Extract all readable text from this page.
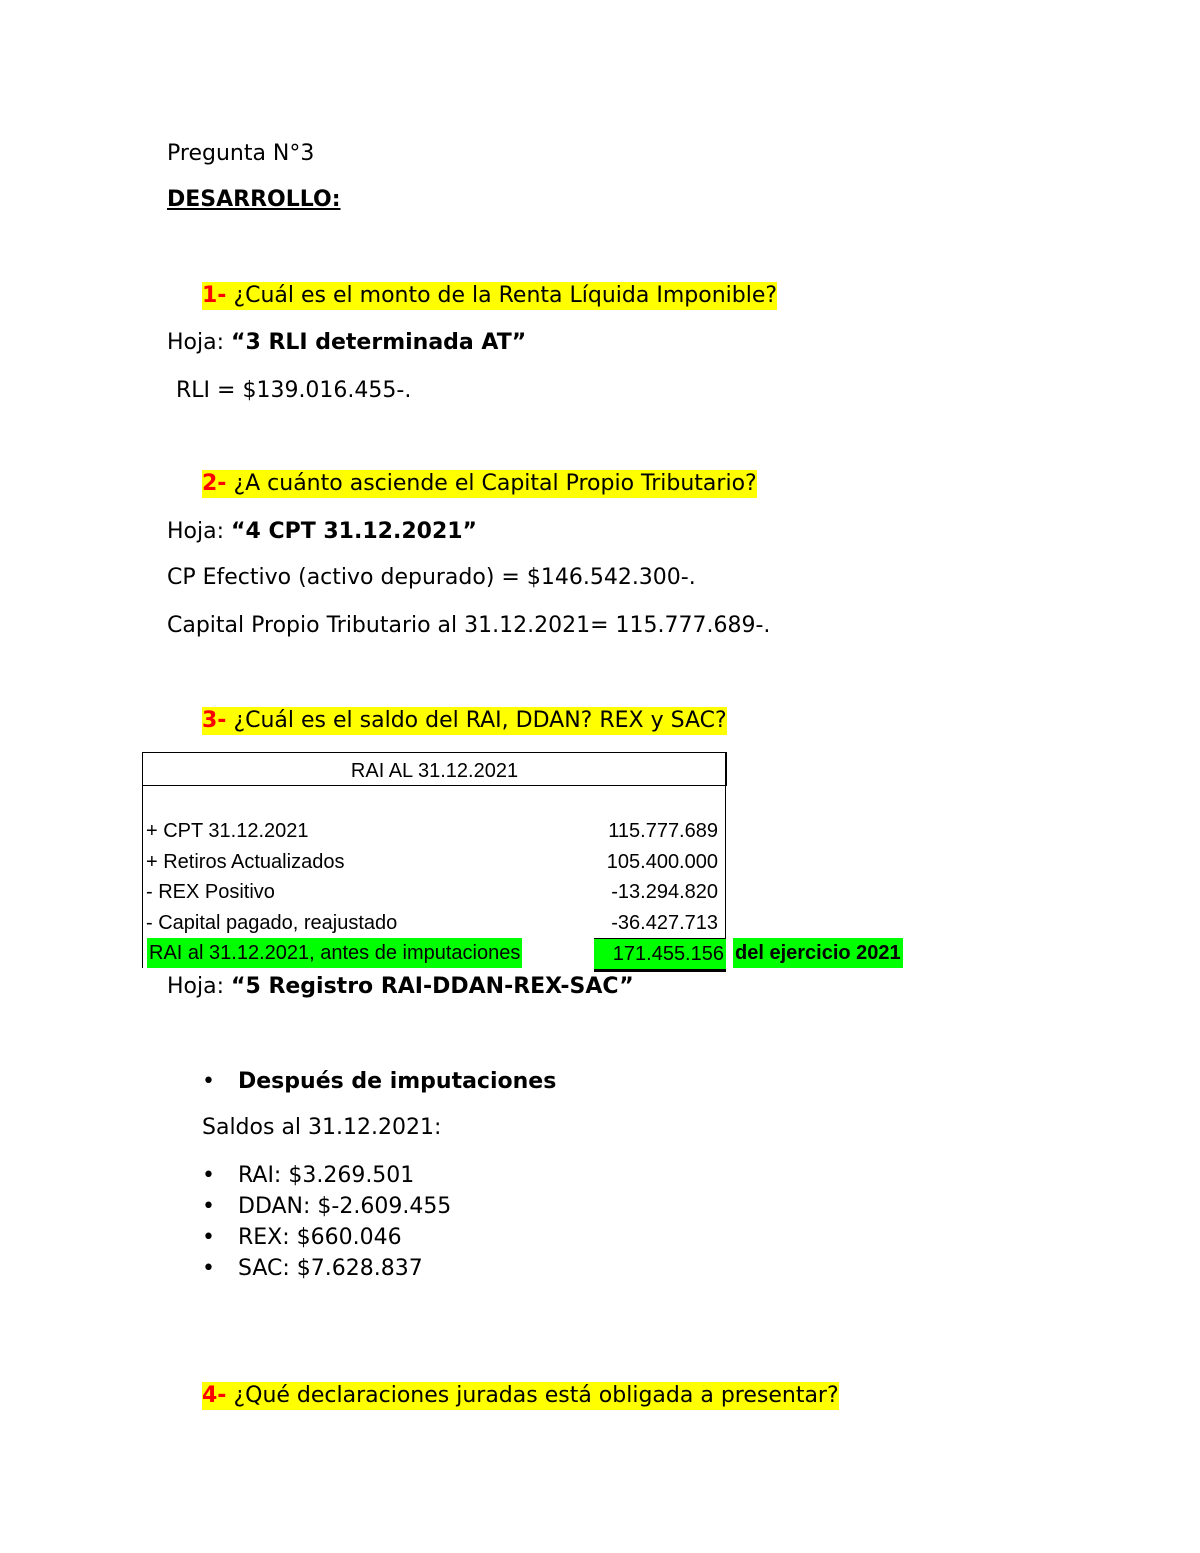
Pregunta N°3
DESARROLLO:
1- ¿Cuál es el monto de la Renta Líquida Imponible?
Hoja: “3 RLI determinada AT”
RLI = $139.016.455-.
2- ¿A cuánto asciende el Capital Propio Tributario?
Hoja: “4 CPT 31.12.2021”
CP Efectivo (activo depurado) = $146.542.300-.
Capital Propio Tributario al 31.12.2021= 115.777.689-.
3- ¿Cuál es el saldo del RAI, DDAN? REX y SAC?
RAI AL 31.12.2021
+ CPT 31.12.2021	115.777.689
+ Retiros Actualizados	105.400.000
- REX Positivo	-13.294.820
- Capital pagado, reajustado	-36.427.713
RAI al 31.12.2021, antes de imputaciones	171.455.156 del ejercicio 2021
Hoja: “5 Registro RAI-DDAN-REX-SAC”
• Después de imputaciones
Saldos al 31.12.2021:
• RAI: $3.269.501
• DDAN: $-2.609.455
• REX: $660.046
• SAC: $7.628.837
4- ¿Qué declaraciones juradas está obligada a presentar?
